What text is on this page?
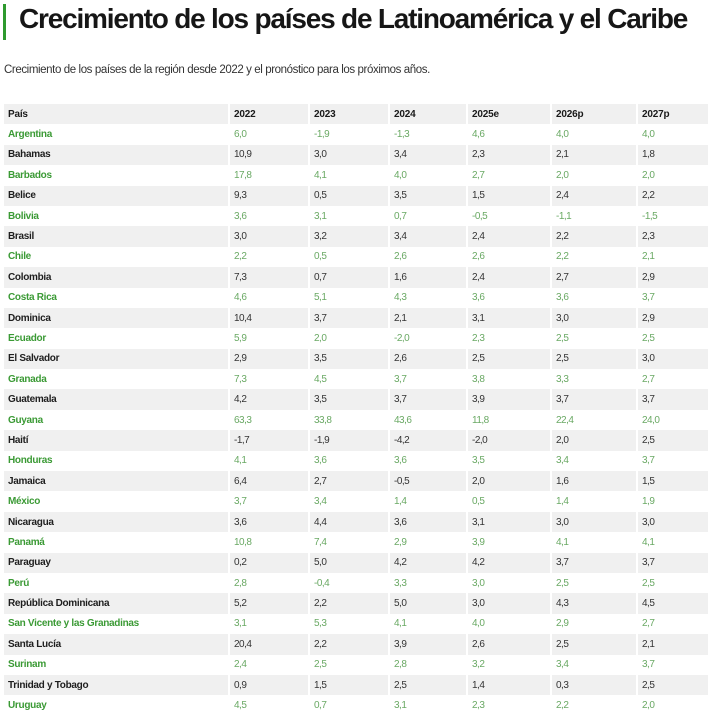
Crecimiento de los países de Latinoamérica y el Caribe

Crecimiento de los países de la región desde 2022 y el pronóstico para los próximos años.

País	2022	2023	2024	2025e	2026p	2027p
Argentina	6,0	-1,9	-1,3	4,6	4,0	4,0
Bahamas	10,9	3,0	3,4	2,3	2,1	1,8
Barbados	17,8	4,1	4,0	2,7	2,0	2,0
Belice	9,3	0,5	3,5	1,5	2,4	2,2
Bolivia	3,6	3,1	0,7	-0,5	-1,1	-1,5
Brasil	3,0	3,2	3,4	2,4	2,2	2,3
Chile	2,2	0,5	2,6	2,6	2,2	2,1
Colombia	7,3	0,7	1,6	2,4	2,7	2,9
Costa Rica	4,6	5,1	4,3	3,6	3,6	3,7
Dominica	10,4	3,7	2,1	3,1	3,0	2,9
Ecuador	5,9	2,0	-2,0	2,3	2,5	2,5
El Salvador	2,9	3,5	2,6	2,5	2,5	3,0
Granada	7,3	4,5	3,7	3,8	3,3	2,7
Guatemala	4,2	3,5	3,7	3,9	3,7	3,7
Guyana	63,3	33,8	43,6	11,8	22,4	24,0
Haití	-1,7	-1,9	-4,2	-2,0	2,0	2,5
Honduras	4,1	3,6	3,6	3,5	3,4	3,7
Jamaica	6,4	2,7	-0,5	2,0	1,6	1,5
México	3,7	3,4	1,4	0,5	1,4	1,9
Nicaragua	3,6	4,4	3,6	3,1	3,0	3,0
Panamá	10,8	7,4	2,9	3,9	4,1	4,1
Paraguay	0,2	5,0	4,2	4,2	3,7	3,7
Perú	2,8	-0,4	3,3	3,0	2,5	2,5
República Dominicana	5,2	2,2	5,0	3,0	4,3	4,5
San Vicente y las Granadinas	3,1	5,3	4,1	4,0	2,9	2,7
Santa Lucía	20,4	2,2	3,9	2,6	2,5	2,1
Surinam	2,4	2,5	2,8	3,2	3,4	3,7
Trinidad y Tobago	0,9	1,5	2,5	1,4	0,3	2,5
Uruguay	4,5	0,7	3,1	2,3	2,2	2,0
